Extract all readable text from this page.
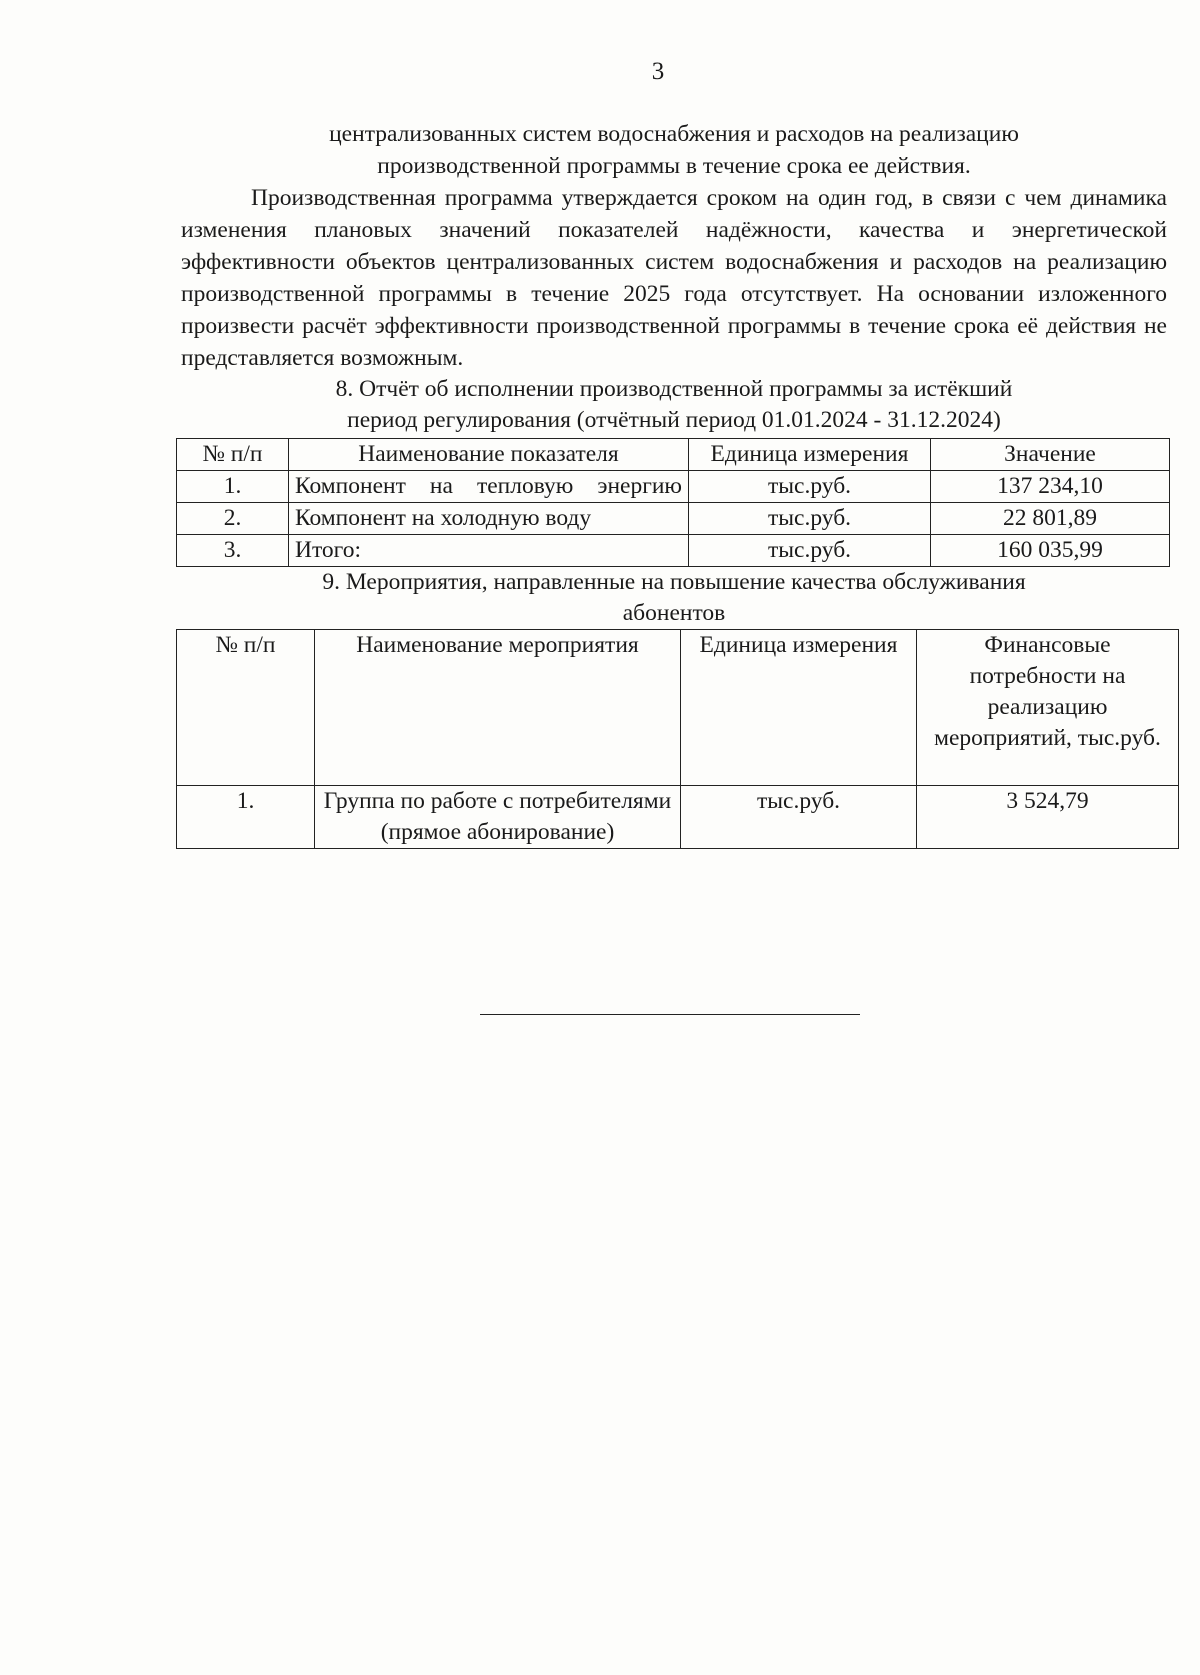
3
централизованных систем водоснабжения и расходов на реализацию
производственной программы в течение срока ее действия.

Производственная программа утверждается сроком на один год, в связи с чем динамика изменения плановых значений показателей надёжности, качества и энергетической эффективности объектов централизованных систем водоснабжения и расходов на реализацию производственной программы в течение 2025 года отсутствует. На основании изложенного произвести расчёт эффективности производственной программы в течение срока её действия не представляется возможным.

8. Отчёт об исполнении производственной программы за истёкший
период регулирования (отчётный период 01.01.2024 - 31.12.2024)
№ п/п	Наименование показателя	Единица измерения	Значение
1.	Компонент на тепловую энергию	тыс.руб.	137 234,10
2.	Компонент на холодную воду	тыс.руб.	22 801,89
3.	Итого:	тыс.руб.	160 035,99
9. Мероприятия, направленные на повышение качества обслуживания
абонентов
№ п/п	Наименование мероприятия	Единица измерения	Финансовые потребности на реализацию мероприятий, тыс.руб.
1.	Группа по работе с потребителями (прямое абонирование)	тыс.руб.	3 524,79
